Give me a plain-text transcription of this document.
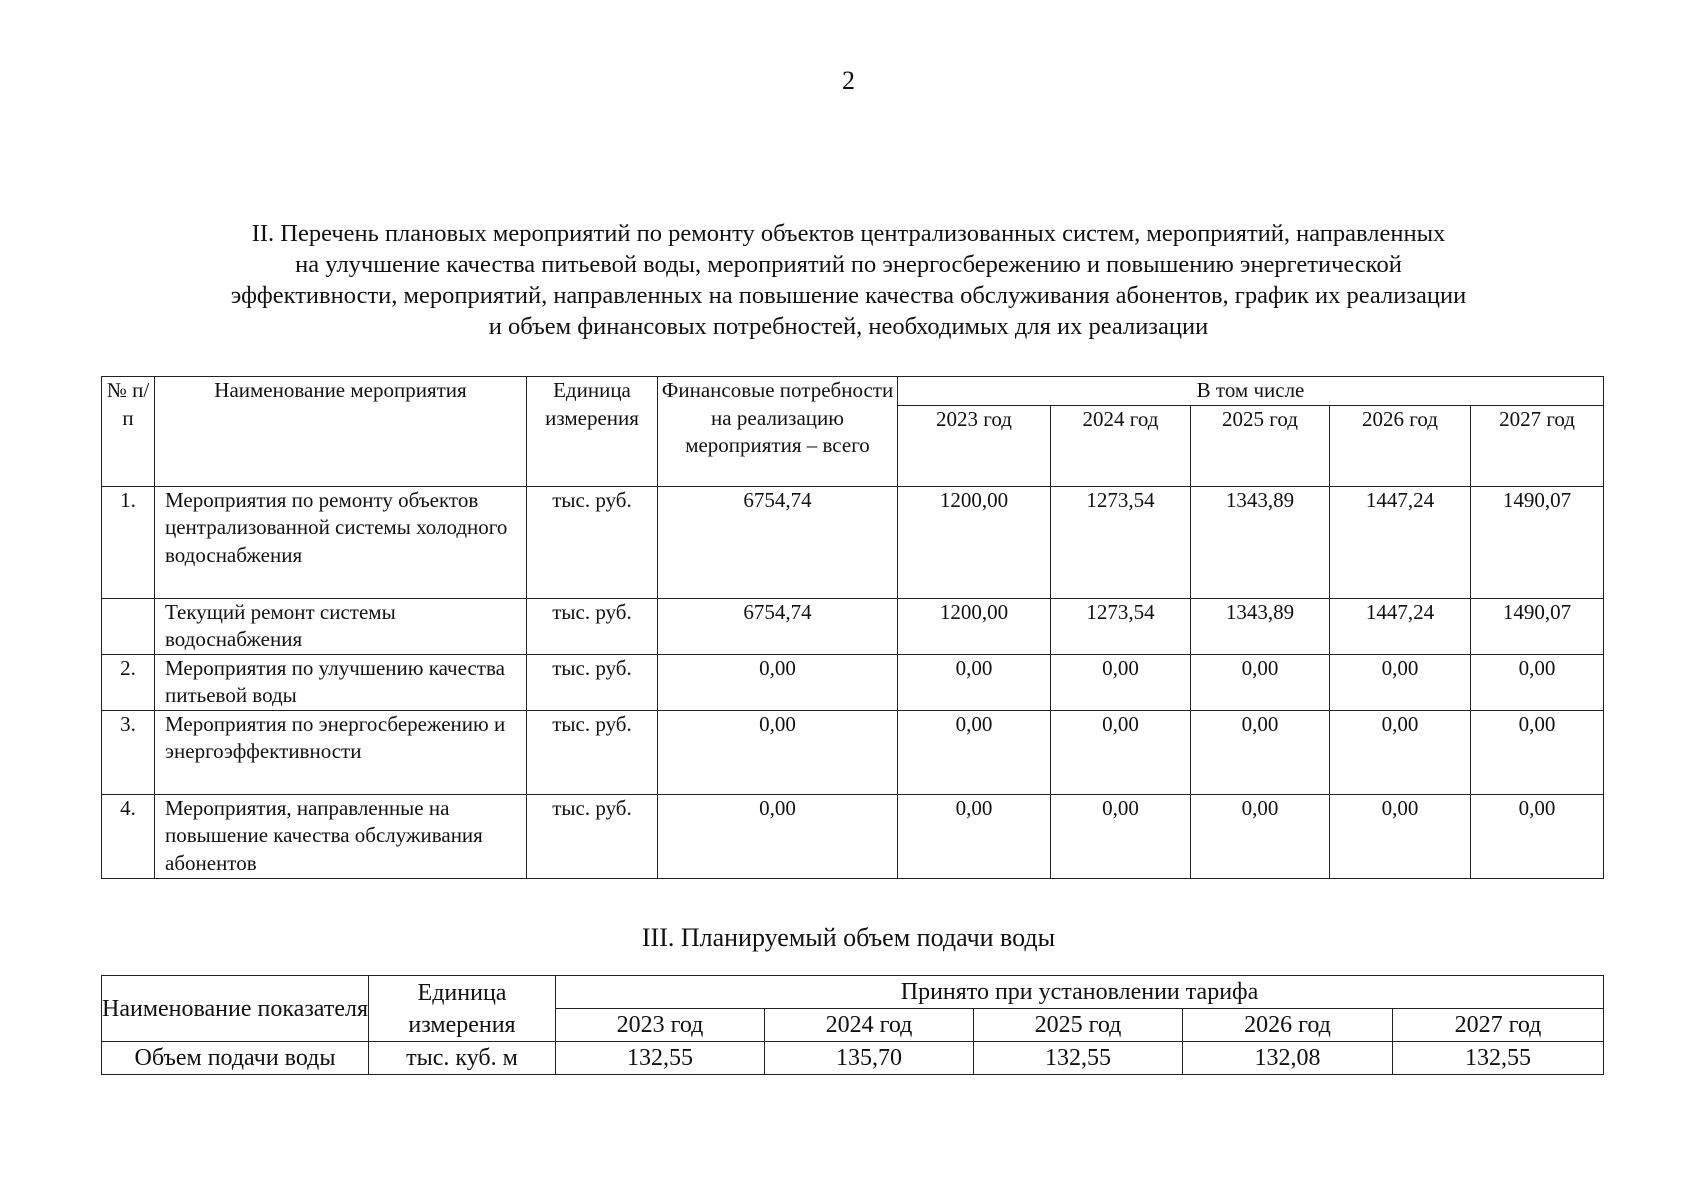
2
II. Перечень плановых мероприятий по ремонту объектов централизованных систем, мероприятий, направленных
на улучшение качества питьевой воды, мероприятий по энергосбережению и повышению энергетической
эффективности, мероприятий, направленных на повышение качества обслуживания абонентов, график их реализации
и объем финансовых потребностей, необходимых для их реализации
№ п/п	Наименование мероприятия	Единица измерения	Финансовые потребности на реализацию мероприятия – всего	В том числе				
				2023 год	2024 год	2025 год	2026 год	2027 год
1.	Мероприятия по ремонту объектов централизованной системы холодного водоснабжения	тыс. руб.	6754,74	1200,00	1273,54	1343,89	1447,24	1490,07
	Текущий ремонт системы водоснабжения	тыс. руб.	6754,74	1200,00	1273,54	1343,89	1447,24	1490,07
2.	Мероприятия по улучшению качества питьевой воды	тыс. руб.	0,00	0,00	0,00	0,00	0,00	0,00
3.	Мероприятия по энергосбережению и энергоэффективности	тыс. руб.	0,00	0,00	0,00	0,00	0,00	0,00
4.	Мероприятия, направленные на повышение качества обслуживания абонентов	тыс. руб.	0,00	0,00	0,00	0,00	0,00	0,00
III. Планируемый объем подачи воды
Наименование показателя	Единица измерения	Принято при установлении тарифа				
		2023 год	2024 год	2025 год	2026 год	2027 год
Объем подачи воды	тыс. куб. м	132,55	135,70	132,55	132,08	132,55
